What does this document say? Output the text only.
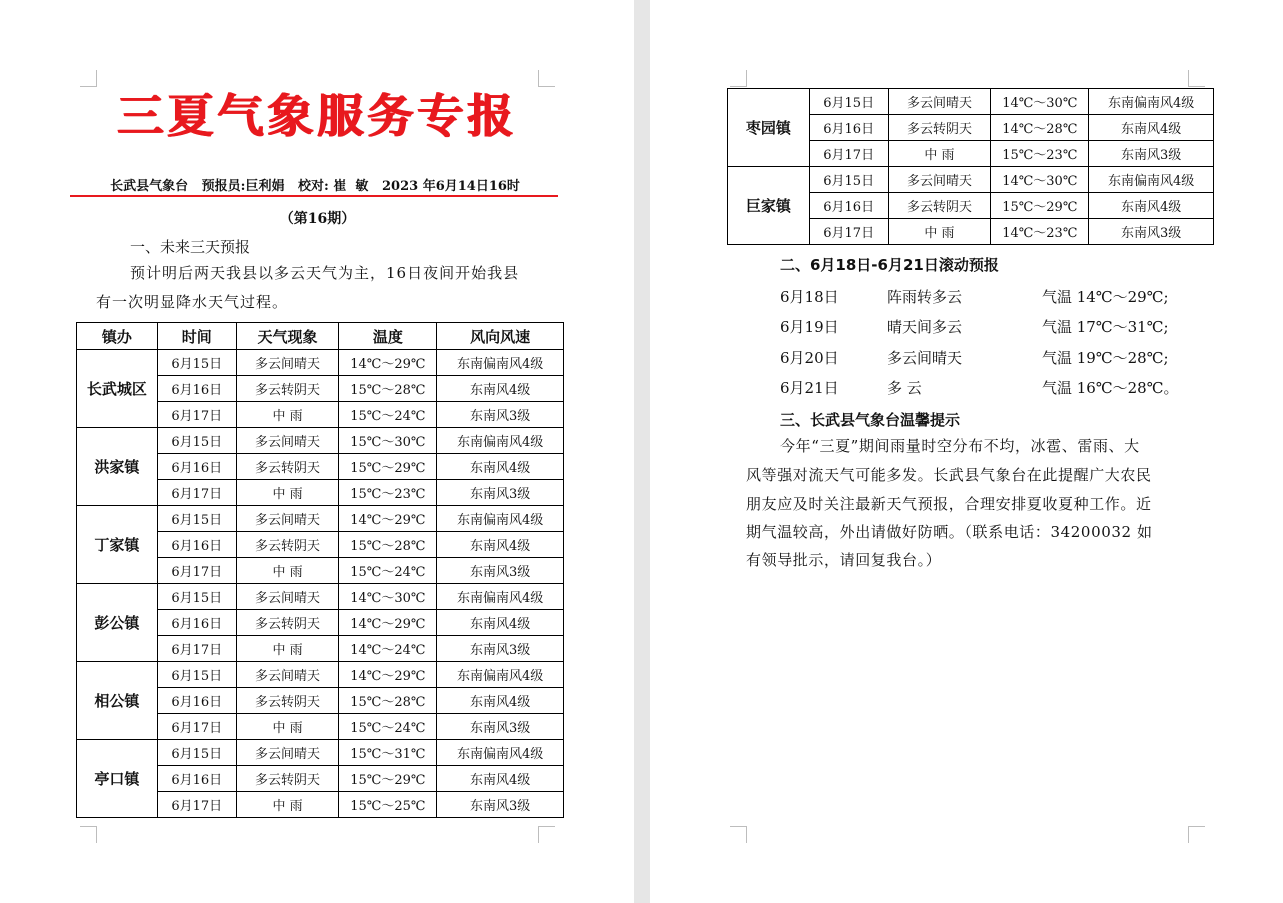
三夏气象服务专报
长武县气象台   预报员:巨利娟   校对: 崔  敏   2023 年6月14日16时
（第16期）
一、未来三天预报
预计明后两天我县以多云天气为主，16日夜间开始我县
有一次明显降水天气过程。
镇办	时间	天气现象	温度	风向风速
长武城区	6月15日	多云间晴天	14℃～29℃	东南偏南风4级
	6月16日	多云转阴天	15℃～28℃	东南风4级
	6月17日	中 雨	15℃～24℃	东南风3级
洪家镇	6月15日	多云间晴天	15℃～30℃	东南偏南风4级
	6月16日	多云转阴天	15℃～29℃	东南风4级
	6月17日	中 雨	15℃～23℃	东南风3级
丁家镇	6月15日	多云间晴天	14℃～29℃	东南偏南风4级
	6月16日	多云转阴天	15℃～28℃	东南风4级
	6月17日	中 雨	15℃～24℃	东南风3级
彭公镇	6月15日	多云间晴天	14℃～30℃	东南偏南风4级
	6月16日	多云转阴天	14℃～29℃	东南风4级
	6月17日	中 雨	14℃～24℃	东南风3级
相公镇	6月15日	多云间晴天	14℃～29℃	东南偏南风4级
	6月16日	多云转阴天	15℃～28℃	东南风4级
	6月17日	中 雨	15℃～24℃	东南风3级
亭口镇	6月15日	多云间晴天	15℃～31℃	东南偏南风4级
	6月16日	多云转阴天	15℃～29℃	东南风4级
	6月17日	中 雨	15℃～25℃	东南风3级
枣园镇	6月15日	多云间晴天	14℃～30℃	东南偏南风4级
	6月16日	多云转阴天	14℃～28℃	东南风4级
	6月17日	中 雨	15℃～23℃	东南风3级
巨家镇	6月15日	多云间晴天	14℃～30℃	东南偏南风4级
	6月16日	多云转阴天	15℃～29℃	东南风4级
	6月17日	中 雨	14℃～23℃	东南风3级
二、6月18日-6月21日滚动预报
6月18日	阵雨转多云	气温 14℃～29℃;
6月19日	晴天间多云	气温 17℃～31℃;
6月20日	多云间晴天	气温 19℃～28℃;
6月21日	多 云	气温 16℃～28℃。
三、长武县气象台温馨提示
今年“三夏”期间雨量时空分布不均，冰雹、雷雨、大
风等强对流天气可能多发。长武县气象台在此提醒广大农民
朋友应及时关注最新天气预报，合理安排夏收夏种工作。近
期气温较高，外出请做好防晒。（联系电话：34200032 如
有领导批示，请回复我台。）
